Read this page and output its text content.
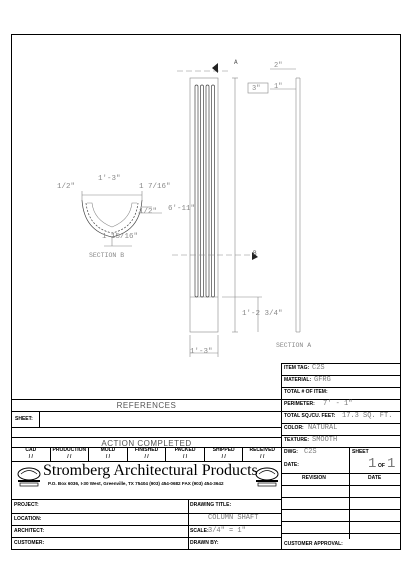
A
B
2"
1"
3"
6'-11"
1'-2 3/4"
1'-3"
SECTION A
1'-3"
1/2"	1 7/16"
1/2"
1 15/16"
SECTION B
ITEM TAG: C2S
MATERIAL: GFRG
TOTAL # OF ITEM:
PERIMETER: 7' - 1"
TOTAL SQ./CU. FEET: 17.3 SQ. FT.
COLOR: NATURAL
TEXTURE: SMOOTH
DWG: C2S
DATE:
SHEET
1 OF 1
REVISION	DATE
CUSTOMER APPROVAL:
REFERENCES
SHEET:
ACTION COMPLETED
CAD
/ /
PRODUCTION
/ /
MOLD
/ /
FINISHED
/ /
PACKED
/ /
SHIPPED
/ /
RECEIVED
/ /
Stromberg Architectural Products
P.O. Box 6036, I-30 West, Greenville, TX 75404 (903) 454-0682 FAX (903) 454-3642
PROJECT:
LOCATION:
ARCHITECT:
CUSTOMER:
DRAWING TITLE:
COLUMN SHAFT
SCALE: 3/4" = 1"
DRAWN BY:
